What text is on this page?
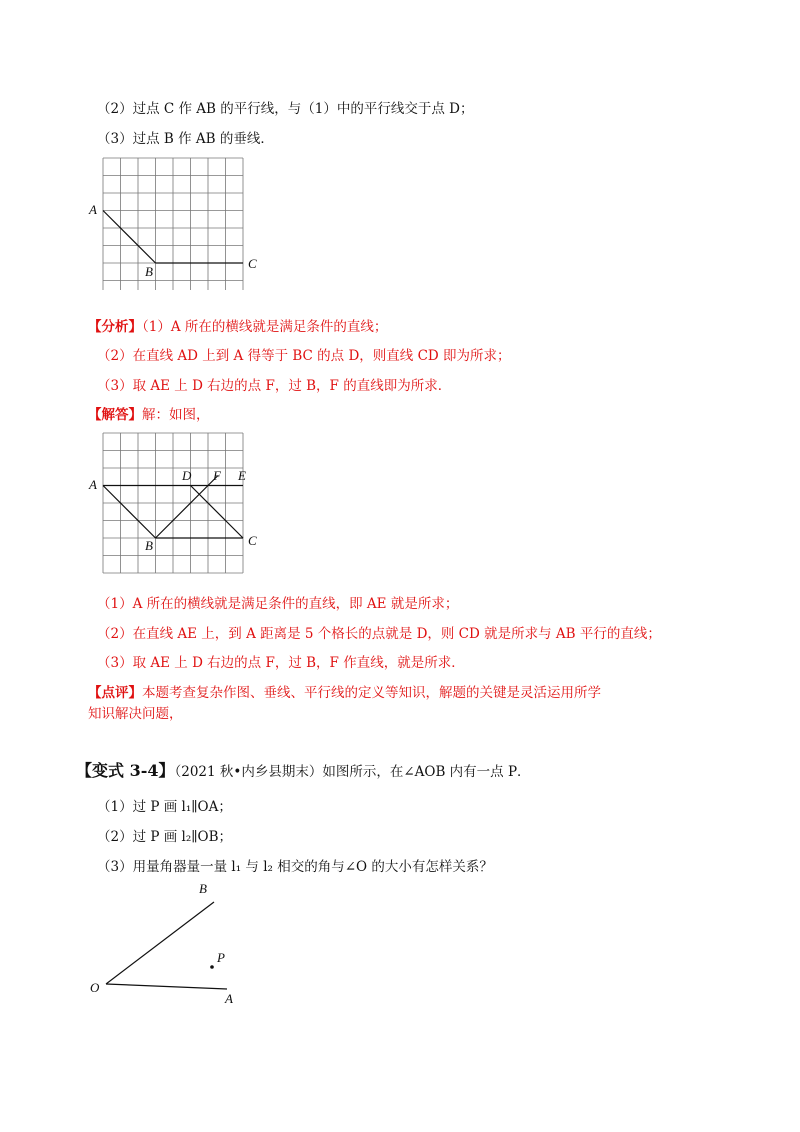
（2）过点 C 作 AB 的平行线，与（1）中的平行线交于点 D；
（3）过点 B 作 AB 的垂线．
A
B
C
【分析】（1）A 所在的横线就是满足条件的直线；
（2）在直线 AD 上到 A 得等于 BC 的点 D，则直线 CD 即为所求；
（3）取 AE 上 D 右边的点 F，过 B，F 的直线即为所求．
【解答】解：如图，
A
B	C
D F E
（1）A 所在的横线就是满足条件的直线，即 AE 就是所求；
（2）在直线 AE 上，到 A 距离是 5 个格长的点就是 D，则 CD 就是所求与 AB 平行的直线；
（3）取 AE 上 D 右边的点 F，过 B，F 作直线，就是所求．
【点评】本题考查复杂作图、垂线、平行线的定义等知识，解题的关键是灵活运用所学
知识解决问题，
【变式 3-4】（2021 秋•内乡县期末）如图所示，在∠AOB 内有一点 P．
（1）过 P 画 l₁∥OA；
（2）过 P 画 l₂∥OB；
（3）用量角器量一量 l₁ 与 l₂ 相交的角与∠O 的大小有怎样关系？
O
B
P
A
